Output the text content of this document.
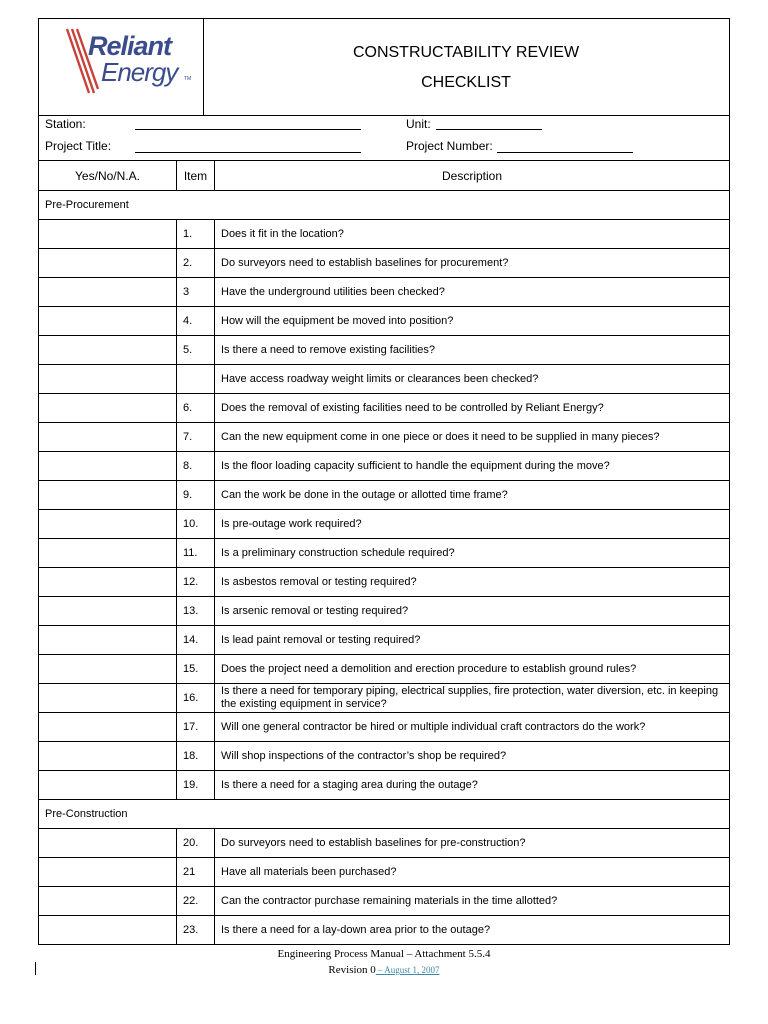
Reliant
Energy TM
CONSTRUCTABILITY REVIEW
CHECKLIST
Station:	Unit:
Project Title:	Project Number:
Yes/No/N.A.	Item	Description
Pre-Procurement		
	1.	Does it fit in the location?
	2.	Do surveyors need to establish baselines for procurement?
	3	Have the underground utilities been checked?
	4.	How will the equipment be moved into position?
	5.	Is there a need to remove existing facilities?
		Have access roadway weight limits or clearances been checked?
	6.	Does the removal of existing facilities need to be controlled by Reliant Energy?
	7.	Can the new equipment come in one piece or does it need to be supplied in many pieces?
	8.	Is the floor loading capacity sufficient to handle the equipment during the move?
	9.	Can the work be done in the outage or allotted time frame?
	10.	Is pre-outage work required?
	11.	Is a preliminary construction schedule required?
	12.	Is asbestos removal or testing required?
	13.	Is arsenic removal or testing required?
	14.	Is lead paint removal or testing required?
	15.	Does the project need a demolition and erection procedure to establish ground rules?
	16.	Is there a need for temporary piping, electrical supplies, fire protection, water diversion, etc. in keeping the existing equipment in service?
	17.	Will one general contractor be hired or multiple individual craft contractors do the work?
	18.	Will shop inspections of the contractor’s shop be required?
	19.	Is there a need for a staging area during the outage?
Pre-Construction		
	20.	Do surveyors need to establish baselines for pre-construction?
	21	Have all materials been purchased?
	22.	Can the contractor purchase remaining materials in the time allotted?
	23.	Is there a need for a lay-down area prior to the outage?
Engineering Process Manual – Attachment 5.5.4
Revision 0 – August 1, 2007
